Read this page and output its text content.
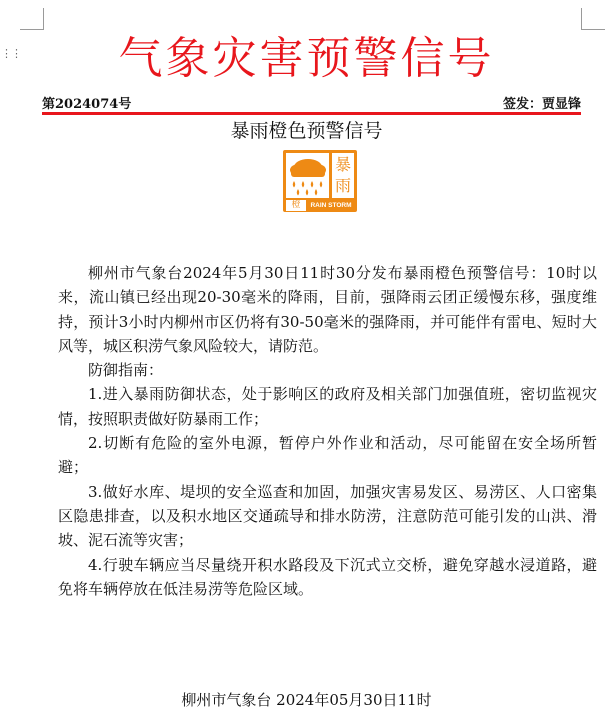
⋮⋮	气象灾害预警信号
第2024074号	签发：贾显锋
暴雨橙色预警信号
暴
雨
橙	RAIN STORM

柳州市气象台2024年5月30日11时30分发布暴雨橙色预警信号：10时以来，流山镇已经出现20-30毫米的降雨，目前，强降雨云团正缓慢东移，强度维持，预计3小时内柳州市区仍将有30-50毫米的强降雨，并可能伴有雷电、短时大风等，城区积涝气象风险较大，请防范。

防御指南：

1.进入暴雨防御状态，处于影响区的政府及相关部门加强值班，密切监视灾情，按照职责做好防暴雨工作；

2.切断有危险的室外电源，暂停户外作业和活动，尽可能留在安全场所暂避；

3.做好水库、堤坝的安全巡查和加固，加强灾害易发区、易涝区、人口密集区隐患排查，以及积水地区交通疏导和排水防涝，注意防范可能引发的山洪、滑坡、泥石流等灾害；

4.行驶车辆应当尽量绕开积水路段及下沉式立交桥，避免穿越水浸道路，避免将车辆停放在低洼易涝等危险区域。

柳州市气象台 2024年05月30日11时
